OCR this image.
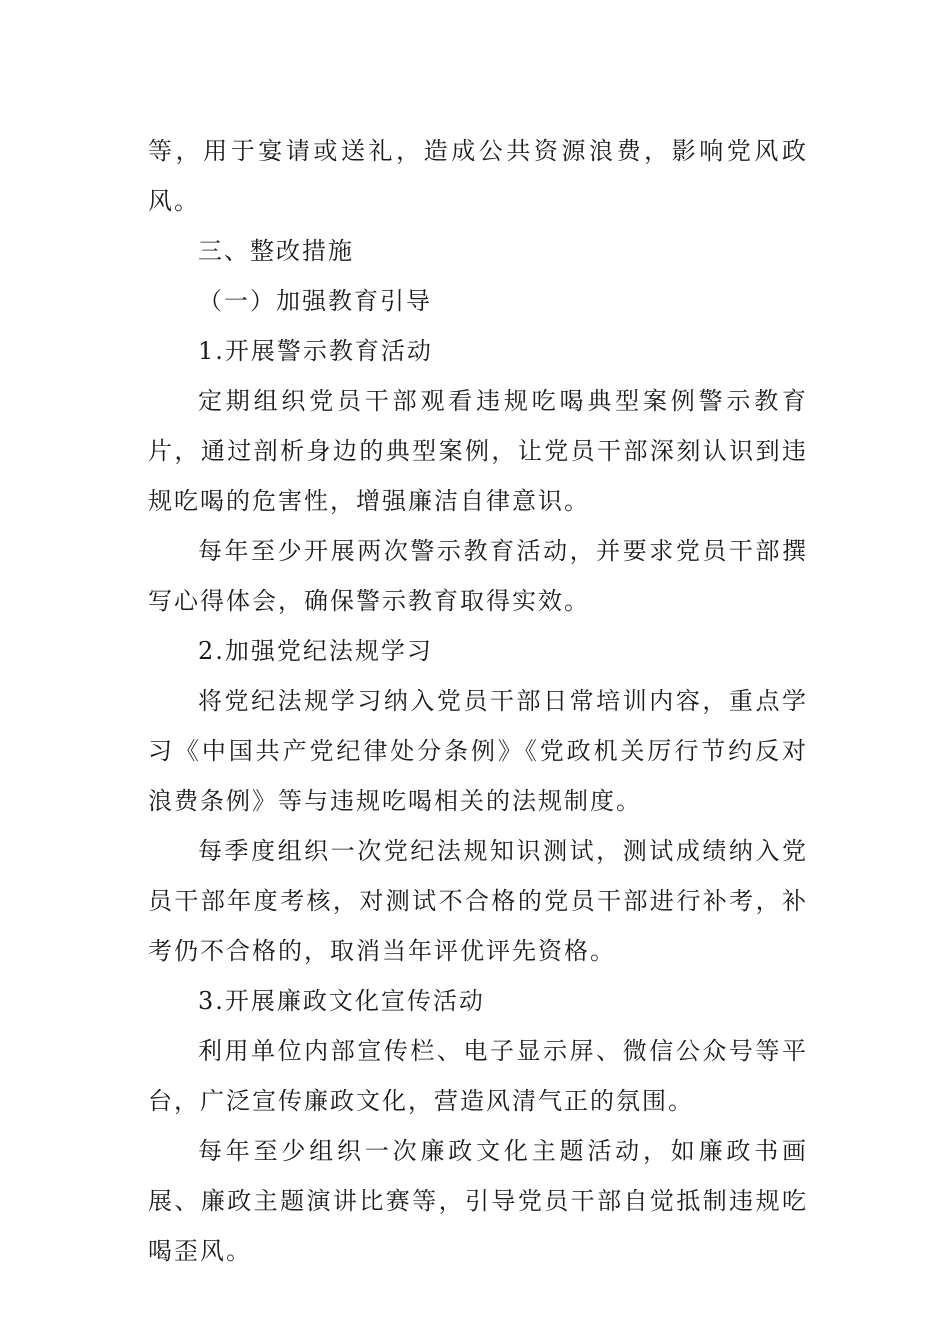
等，用于宴请或送礼，造成公共资源浪费，影响党风政风。

三、整改措施

（一）加强教育引导

1.开展警示教育活动

定期组织党员干部观看违规吃喝典型案例警示教育片，通过剖析身边的典型案例，让党员干部深刻认识到违规吃喝的危害性，增强廉洁自律意识。

每年至少开展两次警示教育活动，并要求党员干部撰写心得体会，确保警示教育取得实效。

2.加强党纪法规学习

将党纪法规学习纳入党员干部日常培训内容，重点学习《中国共产党纪律处分条例》《党政机关厉行节约反对浪费条例》等与违规吃喝相关的法规制度。

每季度组织一次党纪法规知识测试，测试成绩纳入党员干部年度考核，对测试不合格的党员干部进行补考，补考仍不合格的，取消当年评优评先资格。

3.开展廉政文化宣传活动

利用单位内部宣传栏、电子显示屏、微信公众号等平台，广泛宣传廉政文化，营造风清气正的氛围。

每年至少组织一次廉政文化主题活动，如廉政书画展、廉政主题演讲比赛等，引导党员干部自觉抵制违规吃喝歪风。
